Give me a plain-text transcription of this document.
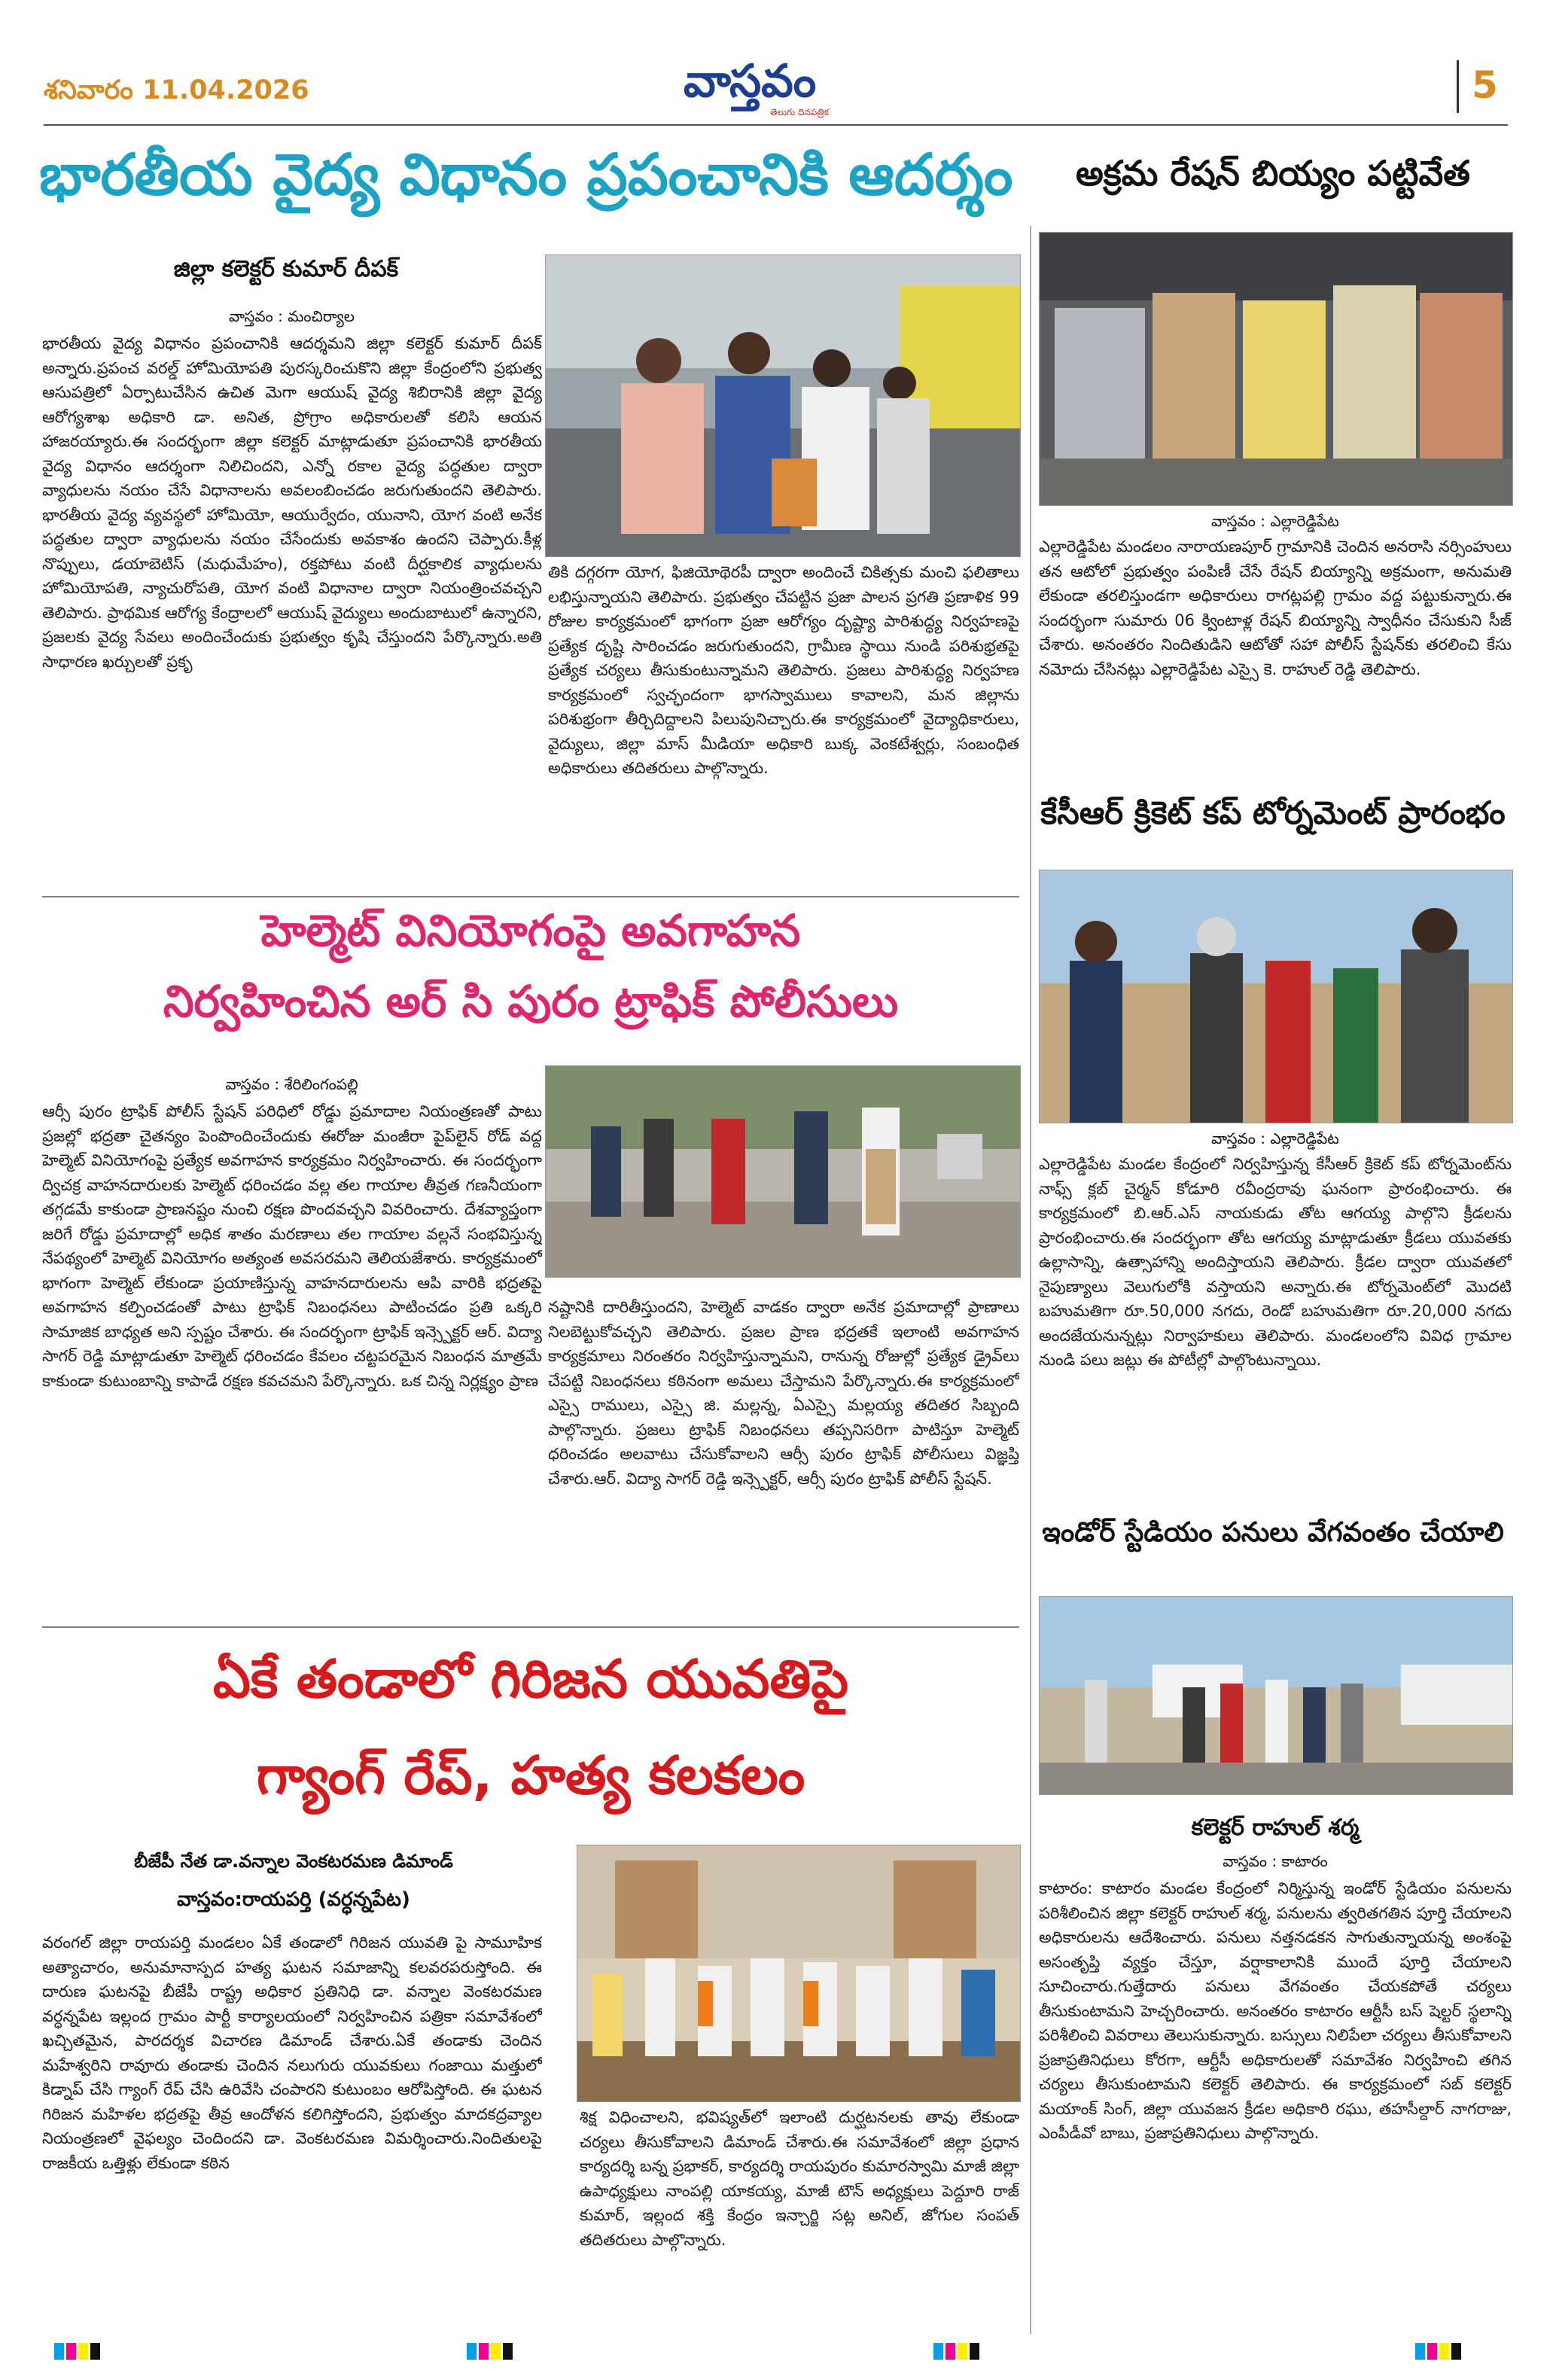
శనివారం 11.04.2026	వాస్తవం
తెలుగు దినపత్రిక
5
భారతీయ వైద్య విధానం ప్రపంచానికి ఆదర్శం
జిల్లా కలెక్టర్ కుమార్ దీపక్

వాస్తవం : మంచిర్యాల

భారతీయ వైద్య విధానం ప్రపంచానికి ఆదర్శమని జిల్లా కలెక్టర్ కుమార్ దీపక్ అన్నారు.ప్రపంచ వరల్డ్ హోమియోపతి పురస్కరించుకొని జిల్లా కేంద్రంలోని ప్రభుత్వ ఆసుపత్రిలో ఏర్పాటుచేసిన ఉచిత మెగా ఆయుష్ వైద్య శిబిరానికి జిల్లా వైద్య ఆరోగ్యశాఖ అధికారి డా. అనిత, ప్రోగ్రాం అధికారులతో కలిసి ఆయన హాజరయ్యారు.ఈ సందర్భంగా జిల్లా కలెక్టర్ మాట్లాడుతూ ప్రపంచానికి భారతీయ వైద్య విధానం ఆదర్శంగా నిలిచిందని, ఎన్నో రకాల వైద్య పద్ధతుల ద్వారా వ్యాధులను నయం చేసే విధానాలను అవలంబించడం జరుగుతుందని తెలిపారు. భారతీయ వైద్య వ్యవస్థలో హోమియో, ఆయుర్వేదం, యునాని, యోగ వంటి అనేక పద్ధతుల ద్వారా వ్యాధులను నయం చేసేందుకు అవకాశం ఉందని చెప్పారు.కీళ్ల నొప్పులు, డయాబెటిస్ (మధుమేహం), రక్తపోటు వంటి దీర్ఘకాలిక వ్యాధులను హోమియోపతి, న్యాచురోపతి, యోగ వంటి విధానాల ద్వారా నియంత్రించవచ్చని తెలిపారు. ప్రాథమిక ఆరోగ్య కేంద్రాలలో ఆయుష్ వైద్యులు అందుబాటులో ఉన్నారని, ప్రజలకు వైద్య సేవలు అందించేందుకు ప్రభుత్వం కృషి చేస్తుందని పేర్కొన్నారు.అతి సాధారణ ఖర్చులతో ప్రకృ

తికి దగ్గరగా యోగ, ఫిజియోథెరపీ ద్వారా అందించే చికిత్సకు మంచి ఫలితాలు లభిస్తున్నాయని తెలిపారు. ప్రభుత్వం చేపట్టిన ప్రజా పాలన ప్రగతి ప్రణాళిక 99 రోజుల కార్యక్రమంలో భాగంగా ప్రజా ఆరోగ్యం దృష్ట్యా పారిశుద్ధ్య నిర్వహణపై ప్రత్యేక దృష్టి సారించడం జరుగుతుందని, గ్రామీణ స్థాయి నుండి పరిశుభ్రతపై ప్రత్యేక చర్యలు తీసుకుంటున్నామని తెలిపారు. ప్రజలు పారిశుద్ధ్య నిర్వహణ కార్యక్రమంలో స్వచ్ఛందంగా భాగస్వాములు కావాలని, మన జిల్లాను పరిశుభ్రంగా తీర్చిదిద్దాలని పిలుపునిచ్చారు.ఈ కార్యక్రమంలో వైద్యాధికారులు, వైద్యులు, జిల్లా మాస్ మీడియా అధికారి బుక్క వెంకటేశ్వర్లు, సంబంధిత అధికారులు తదితరులు పాల్గొన్నారు.

హెల్మెట్ వినియోగంపై అవగాహన
నిర్వహించిన అర్ సి పురం ట్రాఫిక్ పోలీసులు

వాస్తవం : శేరిలింగంపల్లి

ఆర్సీ పురం ట్రాఫిక్ పోలీస్ స్టేషన్ పరిధిలో రోడ్డు ప్రమాదాల నియంత్రణతో పాటు ప్రజల్లో భద్రతా చైతన్యం పెంపొందించేందుకు ఈరోజు మంజీరా పైప్‌లైన్ రోడ్ వద్ద హెల్మెట్ వినియోగంపై ప్రత్యేక అవగాహన కార్యక్రమం నిర్వహించారు. ఈ సందర్భంగా ద్విచక్ర వాహనదారులకు హెల్మెట్ ధరించడం వల్ల తల గాయాల తీవ్రత గణనీయంగా తగ్గడమే కాకుండా ప్రాణనష్టం నుంచి రక్షణ పొందవచ్చని వివరించారు. దేశవ్యాప్తంగా జరిగే రోడ్డు ప్రమాదాల్లో అధిక శాతం మరణాలు తల గాయాల వల్లనే సంభవిస్తున్న నేపథ్యంలో హెల్మెట్ వినియోగం అత్యంత అవసరమని తెలియజేశారు. కార్యక్రమంలో భాగంగా హెల్మెట్ లేకుండా ప్రయాణిస్తున్న వాహనదారులను ఆపి వారికి భద్రతపై అవగాహన కల్పించడంతో పాటు ట్రాఫిక్ నిబంధనలు పాటించడం ప్రతి ఒక్కరి సామాజిక బాధ్యత అని స్పష్టం చేశారు. ఈ సందర్భంగా ట్రాఫిక్ ఇన్స్పెక్టర్ ఆర్. విద్యా సాగర్ రెడ్డి మాట్లాడుతూ హెల్మెట్ ధరించడం కేవలం చట్టపరమైన నిబంధన మాత్రమే కాకుండా కుటుంబాన్ని కాపాడే రక్షణ కవచమని పేర్కొన్నారు. ఒక చిన్న నిర్లక్ష్యం ప్రాణ

నష్టానికి దారితీస్తుందని, హెల్మెట్ వాడకం ద్వారా అనేక ప్రమాదాల్లో ప్రాణాలు నిలబెట్టుకోవచ్చని తెలిపారు. ప్రజల ప్రాణ భద్రతకే ఇలాంటి అవగాహన కార్యక్రమాలు నిరంతరం నిర్వహిస్తున్నామని, రానున్న రోజుల్లో ప్రత్యేక డ్రైవ్‌లు చేపట్టి నిబంధనలు కఠినంగా అమలు చేస్తామని పేర్కొన్నారు.ఈ కార్యక్రమంలో ఎస్సై రాములు, ఎస్సై జి. మల్లన్న, ఏఎస్సై మల్లయ్య తదితర సిబ్బంది పాల్గొన్నారు. ప్రజలు ట్రాఫిక్ నిబంధనలు తప్పనిసరిగా పాటిస్తూ హెల్మెట్ ధరించడం అలవాటు చేసుకోవాలని ఆర్సీ పురం ట్రాఫిక్ పోలీసులు విజ్ఞప్తి చేశారు.ఆర్. విద్యా సాగర్ రెడ్డి ఇన్స్పెక్టర్, ఆర్సీ పురం ట్రాఫిక్ పోలీస్ స్టేషన్.

ఏకే తండాలో గిరిజన యువతిపై
గ్యాంగ్ రేప్, హత్య కలకలం
బీజేపీ నేత డా.వన్నాల వెంకటరమణ డిమాండ్
వాస్తవం:రాయపర్తి (వర్ధన్నపేట)

వరంగల్ జిల్లా రాయపర్తి మండలం ఏకే తండాలో గిరిజన యువతి పై సామూహిక అత్యాచారం, అనుమానాస్పద హత్య ఘటన సమాజాన్ని కలవరపరుస్తోంది. ఈ దారుణ ఘటనపై బీజేపీ రాష్ట్ర అధికార ప్రతినిధి డా. వన్నాల వెంకటరమణ వర్ధన్నపేట ఇల్లంద గ్రామం పార్టీ కార్యాలయంలో నిర్వహించిన పత్రికా సమావేశంలో ఖచ్చితమైన, పారదర్శక విచారణ డిమాండ్ చేశారు.ఏకే తండాకు చెందిన మహేశ్వరిని రావూరు తండాకు చెందిన నలుగురు యువకులు గంజాయి మత్తులో కిడ్నాప్ చేసి గ్యాంగ్ రేప్ చేసి ఉరివేసి చంపారని కుటుంబం ఆరోపిస్తోంది. ఈ ఘటన గిరిజన మహిళల భద్రతపై తీవ్ర ఆందోళన కలిగిస్తోందని, ప్రభుత్వం మాదకద్రవ్యాల నియంత్రణలో వైఫల్యం చెందిందని డా. వెంకటరమణ విమర్శించారు.నిందితులపై రాజకీయ ఒత్తిళ్లు లేకుండా కఠిన

శిక్ష విధించాలని, భవిష్యత్‌లో ఇలాంటి దుర్ఘటనలకు తావు లేకుండా చర్యలు తీసుకోవాలని డిమాండ్ చేశారు.ఈ సమావేశంలో జిల్లా ప్రధాన కార్యదర్శి బన్న ప్రభాకర్, కార్యదర్శి రాయపురం కుమారస్వామి మాజీ జిల్లా ఉపాధ్యక్షులు నాంపల్లి యాకయ్య, మాజీ టౌన్ అధ్యక్షులు పెద్దూరి రాజ్ కుమార్, ఇల్లంద శక్తి కేంద్రం ఇన్చార్జి సట్ల అనిల్, జోగుల సంపత్ తదితరులు పాల్గొన్నారు.

అక్రమ రేషన్ బియ్యం పట్టివేత

వాస్తవం : ఎల్లారెడ్డిపేట

ఎల్లారెడ్డిపేట మండలం నారాయణపూర్ గ్రామానికి చెందిన అనరాసి నర్సింహులు తన ఆటోలో ప్రభుత్వం పంపిణీ చేసే రేషన్ బియ్యాన్ని అక్రమంగా, అనుమతి లేకుండా తరలిస్తుండగా అధికారులు రాగట్లపల్లి గ్రామం వద్ద పట్టుకున్నారు.ఈ సందర్భంగా సుమారు 06 క్వింటాళ్ల రేషన్ బియ్యాన్ని స్వాధీనం చేసుకుని సీజ్ చేశారు. అనంతరం నిందితుడిని ఆటోతో సహా పోలీస్ స్టేషన్‌కు తరలించి కేసు నమోదు చేసినట్లు ఎల్లారెడ్డిపేట ఎస్సై కె. రాహుల్ రెడ్డి తెలిపారు.

కేసీఆర్ క్రికెట్ కప్ టోర్నమెంట్ ప్రారంభం

వాస్తవం : ఎల్లారెడ్డిపేట

ఎల్లారెడ్డిపేట మండల కేంద్రంలో నిర్వహిస్తున్న కేసీఆర్ క్రికెట్ కప్ టోర్నమెంట్‌ను నాఫ్స్ క్లబ్ చైర్మన్ కోడూరి రవీంద్రరావు ఘనంగా ప్రారంభించారు. ఈ కార్యక్రమంలో బి.ఆర్.ఎస్ నాయకుడు తోట ఆగయ్య పాల్గొని క్రీడలను ప్రారంభించారు.ఈ సందర్భంగా తోట ఆగయ్య మాట్లాడుతూ క్రీడలు యువతకు ఉల్లాసాన్ని, ఉత్సాహాన్ని అందిస్తాయని తెలిపారు. క్రీడల ద్వారా యువతలో నైపుణ్యాలు వెలుగులోకి వస్తాయని అన్నారు.ఈ టోర్నమెంట్‌లో మొదటి బహుమతిగా రూ.50,000 నగదు, రెండో బహుమతిగా రూ.20,000 నగదు అందజేయనున్నట్లు నిర్వాహకులు తెలిపారు. మండలంలోని వివిధ గ్రామాల నుండి పలు జట్లు ఈ పోటీల్లో పాల్గొంటున్నాయి.

ఇండోర్ స్టేడియం పనులు వేగవంతం చేయాలి
కలెక్టర్ రాహుల్ శర్మ

వాస్తవం : కాటారం

కాటారం: కాటారం మండల కేంద్రంలో నిర్మిస్తున్న ఇండోర్ స్టేడియం పనులను పరిశీలించిన జిల్లా కలెక్టర్ రాహుల్ శర్మ, పనులను త్వరితగతిన పూర్తి చేయాలని అధికారులను ఆదేశించారు. పనులు నత్తనడకన సాగుతున్నాయన్న అంశంపై అసంతృప్తి వ్యక్తం చేస్తూ, వర్షాకాలానికి ముందే పూర్తి చేయాలని సూచించారు.గుత్తేదారు పనులు వేగవంతం చేయకపోతే చర్యలు తీసుకుంటామని హెచ్చరించారు. అనంతరం కాటారం ఆర్టీసీ బస్ షెల్టర్ స్థలాన్ని పరిశీలించి వివరాలు తెలుసుకున్నారు. బస్సులు నిలిపేలా చర్యలు తీసుకోవాలని ప్రజాప్రతినిధులు కోరగా, ఆర్టీసీ అధికారులతో సమావేశం నిర్వహించి తగిన చర్యలు తీసుకుంటామని కలెక్టర్ తెలిపారు. ఈ కార్యక్రమంలో సబ్ కలెక్టర్ మయాంక్ సింగ్, జిల్లా యువజన క్రీడల అధికారి రఘు, తహసీల్దార్ నాగరాజు, ఎంపీడీవో బాబు, ప్రజాప్రతినిధులు పాల్గొన్నారు.
